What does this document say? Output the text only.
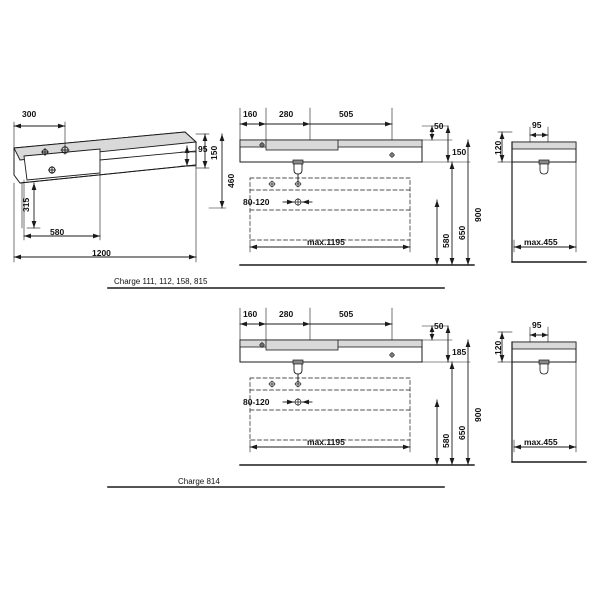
300
95 150
460
315
580
1200
Charge 111, 112, 158, 815
160	280	505
50
150
80-120
900
650
580
max.1195
95
120
max.455
160	280	505
50
185
80-120
900
650
580
max.1195
95
120
max.455
Charge 814
